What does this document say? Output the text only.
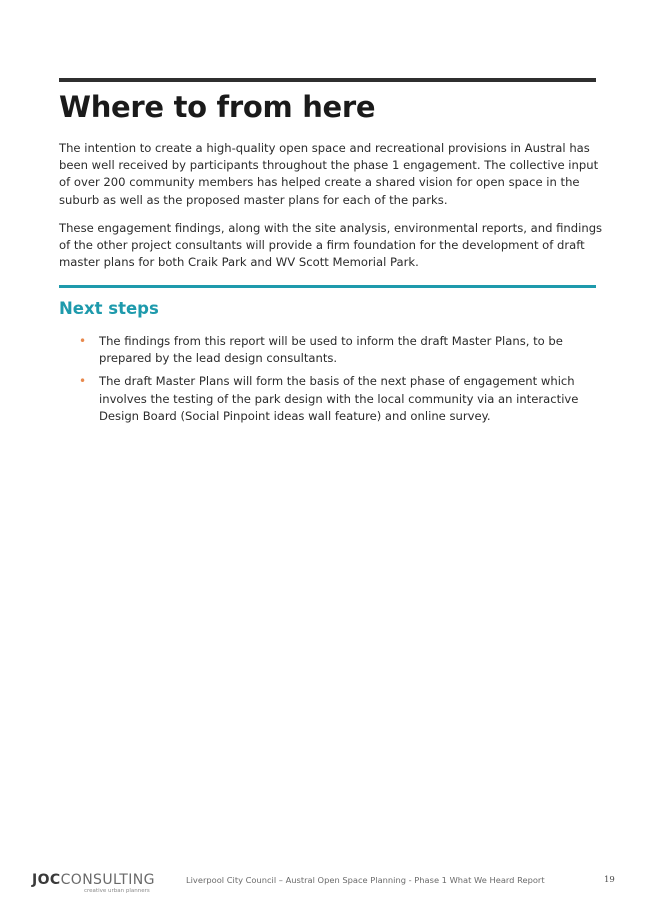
Where to from here

The intention to create a high-quality open space and recreational provisions in Austral has been well received by participants throughout the phase 1 engagement. The collective input of over 200 community members has helped create a shared vision for open space in the suburb as well as the proposed master plans for each of the parks.

These engagement findings, along with the site analysis, environmental reports, and findings of the other project consultants will provide a firm foundation for the development of draft master plans for both Craik Park and WV Scott Memorial Park.

Next steps
• The findings from this report will be used to inform the draft Master Plans, to be prepared by the lead design consultants.
• The draft Master Plans will form the basis of the next phase of engagement which involves the testing of the park design with the local community via an interactive Design Board (Social Pinpoint ideas wall feature) and online survey.
JOCCONSULTING
creative urban planners
Liverpool City Council – Austral Open Space Planning - Phase 1 What We Heard Report	19
